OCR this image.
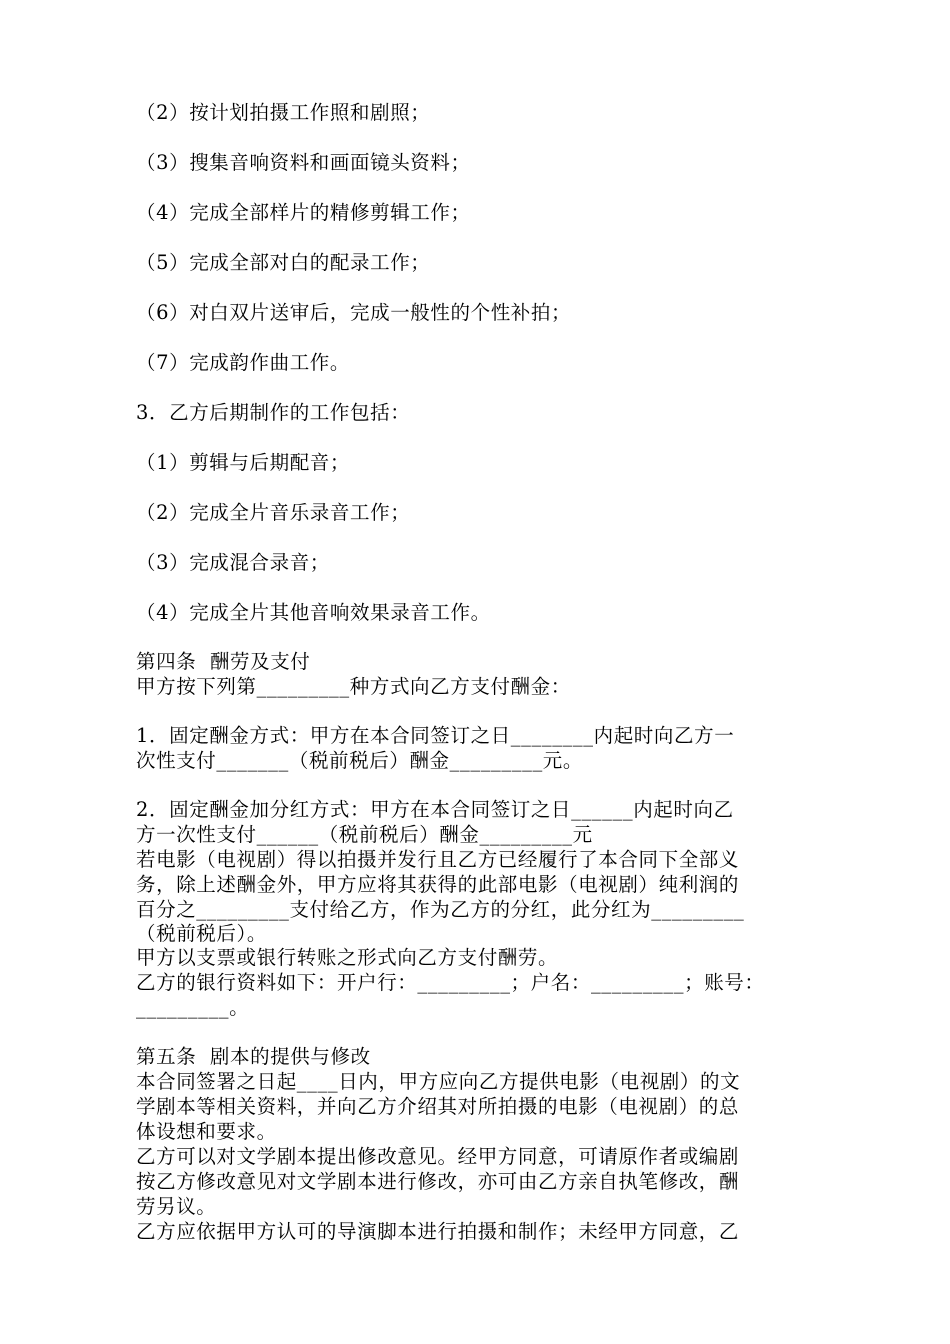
（2）按计划拍摄工作照和剧照；
（3）搜集音响资料和画面镜头资料；
（4）完成全部样片的精修剪辑工作；
（5）完成全部对白的配录工作；
（6）对白双片送审后，完成一般性的个性补拍；
（7）完成韵作曲工作。
3．乙方后期制作的工作包括：
（1）剪辑与后期配音；
（2）完成全片音乐录音工作；
（3）完成混合录音；
（4）完成全片其他音响效果录音工作。
第四条  酬劳及支付
甲方按下列第_________种方式向乙方支付酬金：
1．固定酬金方式：甲方在本合同签订之日________内起时向乙方一
次性支付_______（税前税后）酬金_________元。
2．固定酬金加分红方式：甲方在本合同签订之日______内起时向乙
方一次性支付______（税前税后）酬金_________元
若电影（电视剧）得以拍摄并发行且乙方已经履行了本合同下全部义
务，除上述酬金外，甲方应将其获得的此部电影（电视剧）纯利润的
百分之_________支付给乙方，作为乙方的分红，此分红为_________
（税前税后）。
甲方以支票或银行转账之形式向乙方支付酬劳。
乙方的银行资料如下：开户行：_________；户名：_________；账号：
_________。
第五条  剧本的提供与修改
本合同签署之日起____日内，甲方应向乙方提供电影（电视剧）的文
学剧本等相关资料，并向乙方介绍其对所拍摄的电影（电视剧）的总
体设想和要求。
乙方可以对文学剧本提出修改意见。经甲方同意，可请原作者或编剧
按乙方修改意见对文学剧本进行修改，亦可由乙方亲自执笔修改，酬
劳另议。
乙方应依据甲方认可的导演脚本进行拍摄和制作；未经甲方同意，乙
